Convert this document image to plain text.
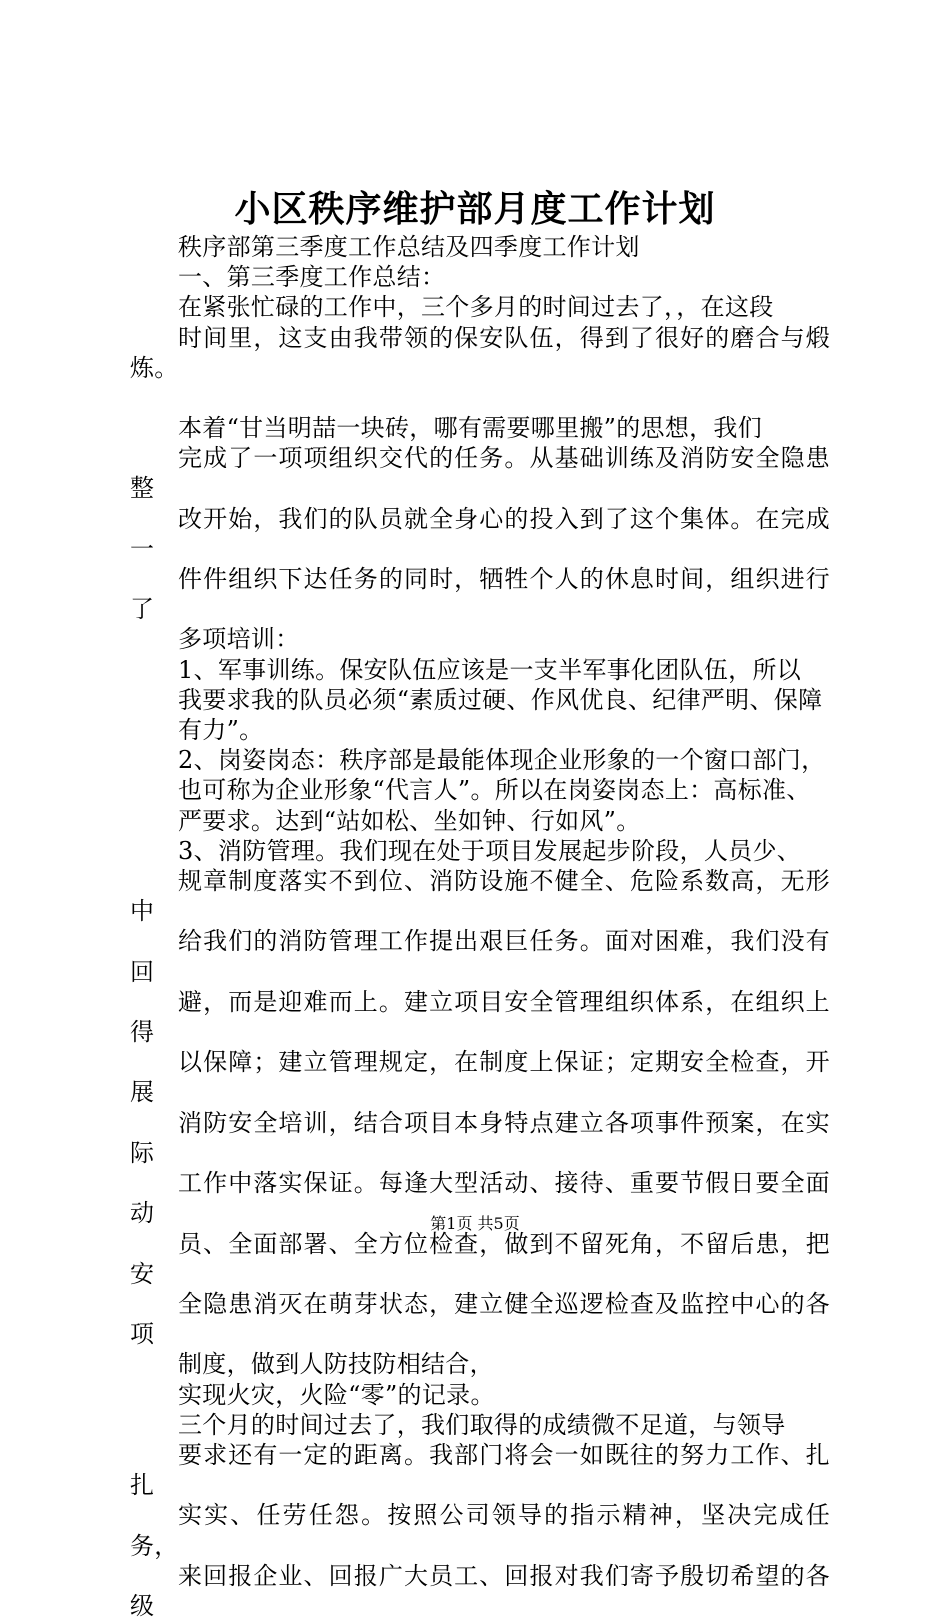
小区秩序维护部月度工作计划

秩序部第三季度工作总结及四季度工作计划

一、第三季度工作总结：

在紧张忙碌的工作中，三个多月的时间过去了，，在这段
时间里，这支由我带领的保安队伍，得到了很好的磨合与煅炼。

本着“甘当明喆一块砖，哪有需要哪里搬”的思想，我们
完成了一项项组织交代的任务。从基础训练及消防安全隐患整
改开始，我们的队员就全身心的投入到了这个集体。在完成一
件件组织下达任务的同时，牺牲个人的休息时间，组织进行了
多项培训：

1、军事训练。保安队伍应该是一支半军事化团队伍，所以
我要求我的队员必须“素质过硬、作风优良、纪律严明、保障
有力”。

2、岗姿岗态：秩序部是最能体现企业形象的一个窗口部门，
也可称为企业形象“代言人”。所以在岗姿岗态上：高标准、
严要求。达到“站如松、坐如钟、行如风”。

3、消防管理。我们现在处于项目发展起步阶段，人员少、
规章制度落实不到位、消防设施不健全、危险系数高，无形中
给我们的消防管理工作提出艰巨任务。面对困难，我们没有回
避，而是迎难而上。建立项目安全管理组织体系，在组织上得
以保障；建立管理规定，在制度上保证；定期安全检查，开展
消防安全培训，结合项目本身特点建立各项事件预案，在实际
工作中落实保证。每逢大型活动、接待、重要节假日要全面动
员、全面部署、全方位检查，做到不留死角，不留后患，把安
全隐患消灭在萌芽状态，建立健全巡逻检查及监控中心的各项
制度，做到人防技防相结合，

实现火灾，火险“零”的记录。

三个月的时间过去了，我们取得的成绩微不足道，与领导
要求还有一定的距离。我部门将会一如既往的努力工作、扎扎
实实、任劳任怨。按照公司领导的指示精神，坚决完成任务，
来回报企业、回报广大员工、回报对我们寄予殷切希望的各级

第1页 共5页
